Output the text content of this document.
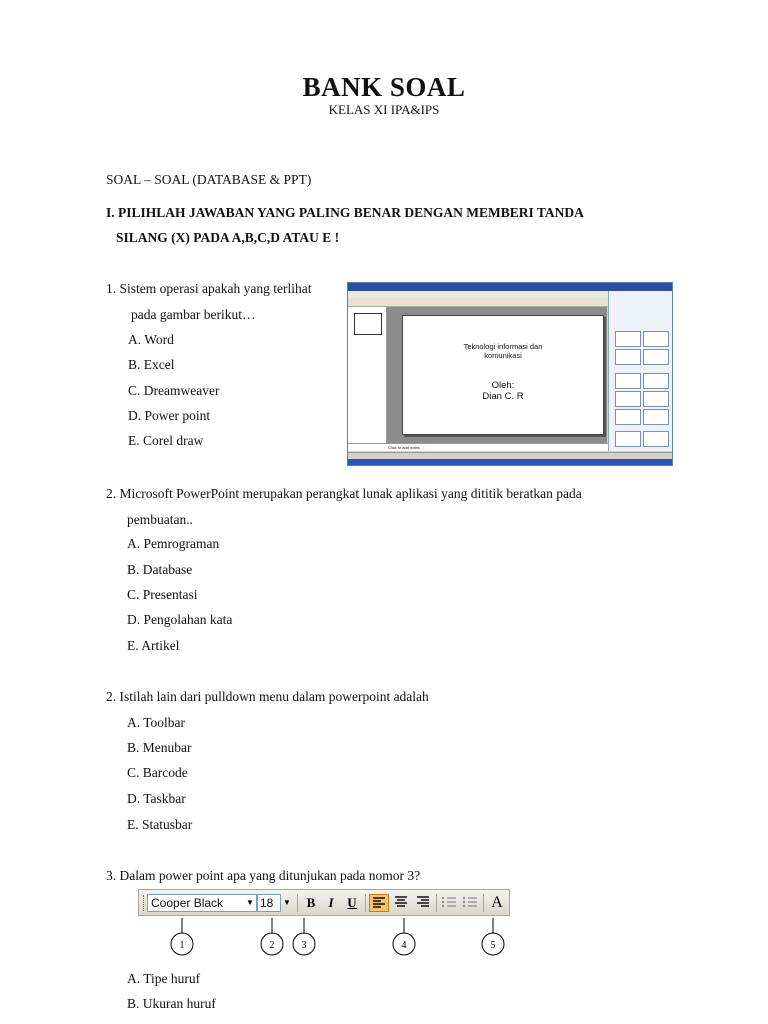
BANK SOAL
KELAS XI IPA&IPS
SOAL – SOAL (DATABASE & PPT)
I. PILIHLAH JAWABAN YANG PALING BENAR DENGAN MEMBERI TANDA
SILANG (X) PADA A,B,C,D ATAU E !
1. Sistem operasi apakah yang terlihat
pada gambar berikut…
A. Word
B. Excel
C. Dreamweaver
D. Power point
E. Corel draw
Teknologi informasi dan
komunikasi
Oleh:
Dian C. R
Click to add notes
2. Microsoft PowerPoint merupakan perangkat lunak aplikasi yang dititik beratkan pada
pembuatan..
A. Pemrograman
B. Database
C. Presentasi
D. Pengolahan kata
E. Artikel
2. Istilah lain dari pulldown menu dalam powerpoint adalah
A. Toolbar
B. Menubar
C. Barcode
D. Taskbar
E. Statusbar
3. Dalam power point apa yang ditunjukan pada nomor 3?
Cooper Black	▼ 18	▼	B	I	U	A
1	2	3	4	5
A. Tipe huruf
B. Ukuran huruf
